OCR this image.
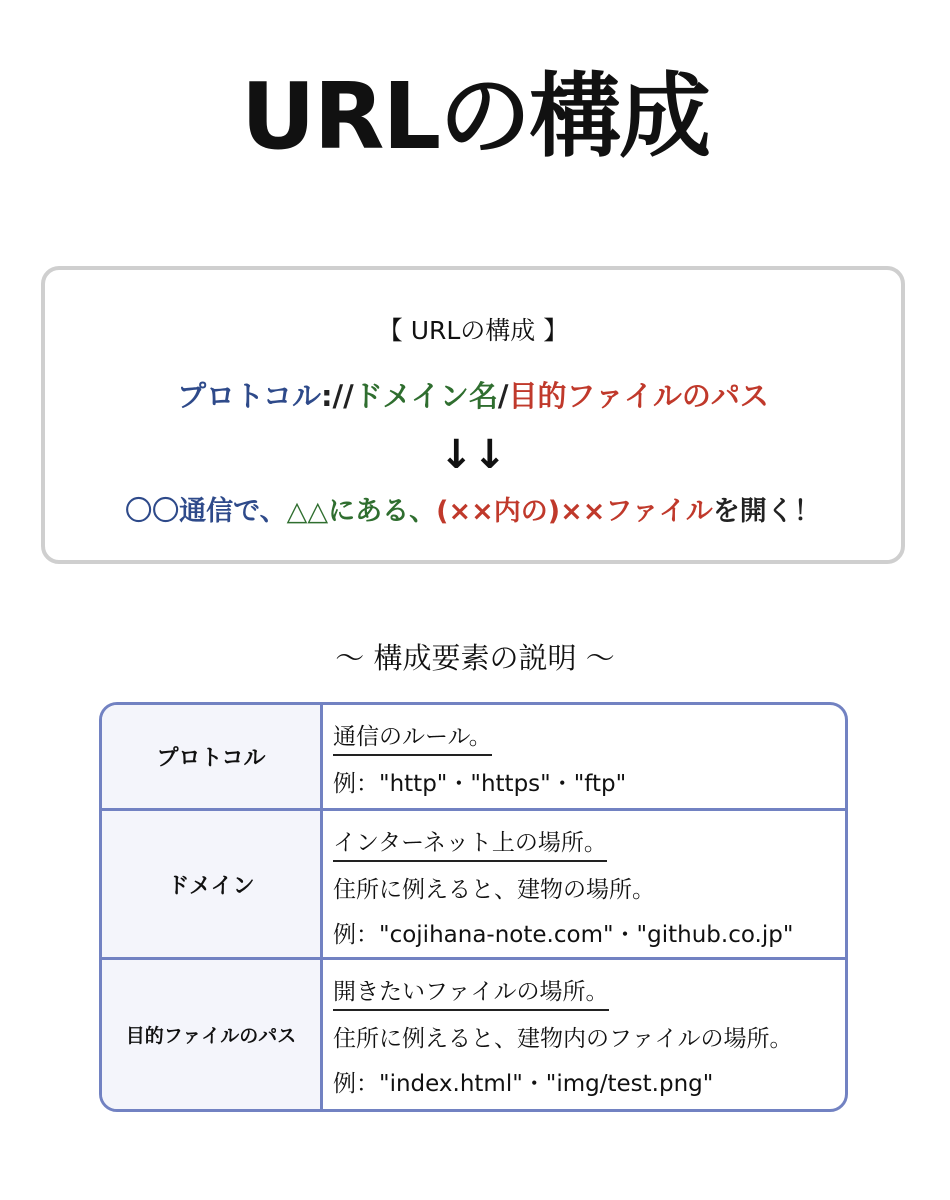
URLの構成
【 URLの構成 】
プロトコル://ドメイン名/目的ファイルのパス
↓↓
〇〇通信で、△△にある、(××内の)××ファイルを開く！
～ 構成要素の説明 ～
プロトコル
通信のルール。
例："http"・"https"・"ftp"
ドメイン
インターネット上の場所。
住所に例えると、建物の場所。
例："cojihana-note.com"・"github.co.jp"
目的ファイルのパス
開きたいファイルの場所。
住所に例えると、建物内のファイルの場所。
例："index.html"・"img/test.png"
